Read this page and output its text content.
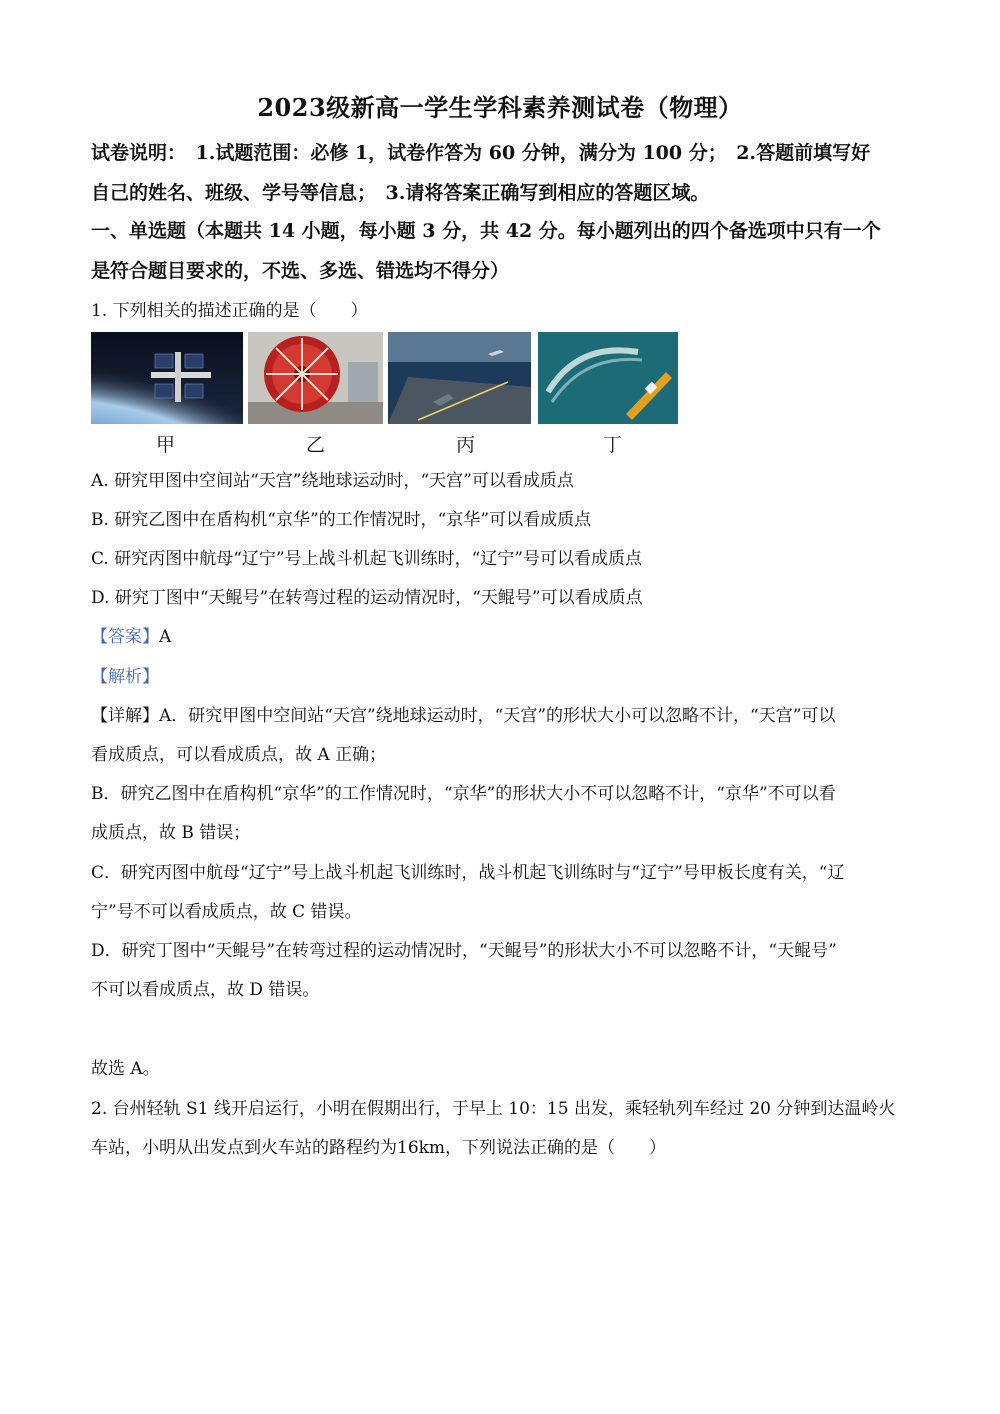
2023级新高一学生学科素养测试卷（物理）
试卷说明：　1.试题范围：必修 1，试卷作答为 60 分钟，满分为 100 分；　2.答题前填写好
自己的姓名、班级、学号等信息；　3.请将答案正确写到相应的答题区域。
一、单选题（本题共 14 小题，每小题 3 分，共 42 分。每小题列出的四个备选项中只有一个
是符合题目要求的，不选、多选、错选均不得分）
1. 下列相关的描述正确的是（　　）
甲	乙	丙	丁
A. 研究甲图中空间站“天宫”绕地球运动时，“天宫”可以看成质点
B. 研究乙图中在盾构机“京华”的工作情况时，“京华”可以看成质点
C. 研究丙图中航母“辽宁”号上战斗机起飞训练时，“辽宁”号可以看成质点
D. 研究丁图中“天鲲号”在转弯过程的运动情况时，“天鲲号”可以看成质点
【答案】A
【解析】
【详解】A．研究甲图中空间站“天宫”绕地球运动时，“天宫”的形状大小可以忽略不计，“天宫”可以
看成质点，可以看成质点，故 A 正确；
B．研究乙图中在盾构机“京华”的工作情况时，“京华”的形状大小不可以忽略不计，“京华”不可以看
成质点，故 B 错误；
C．研究丙图中航母“辽宁”号上战斗机起飞训练时，战斗机起飞训练时与“辽宁”号甲板长度有关，“辽
宁”号不可以看成质点，故 C 错误。
D．研究丁图中“天鲲号”在转弯过程的运动情况时，“天鲲号”的形状大小不可以忽略不计，“天鲲号”
不可以看成质点，故 D 错误。
故选 A。
2. 台州轻轨 S1 线开启运行，小明在假期出行，于早上 10：15 出发，乘轻轨列车经过 20 分钟到达温岭火
车站，小明从出发点到火车站的路程约为16km，下列说法正确的是（　　）
